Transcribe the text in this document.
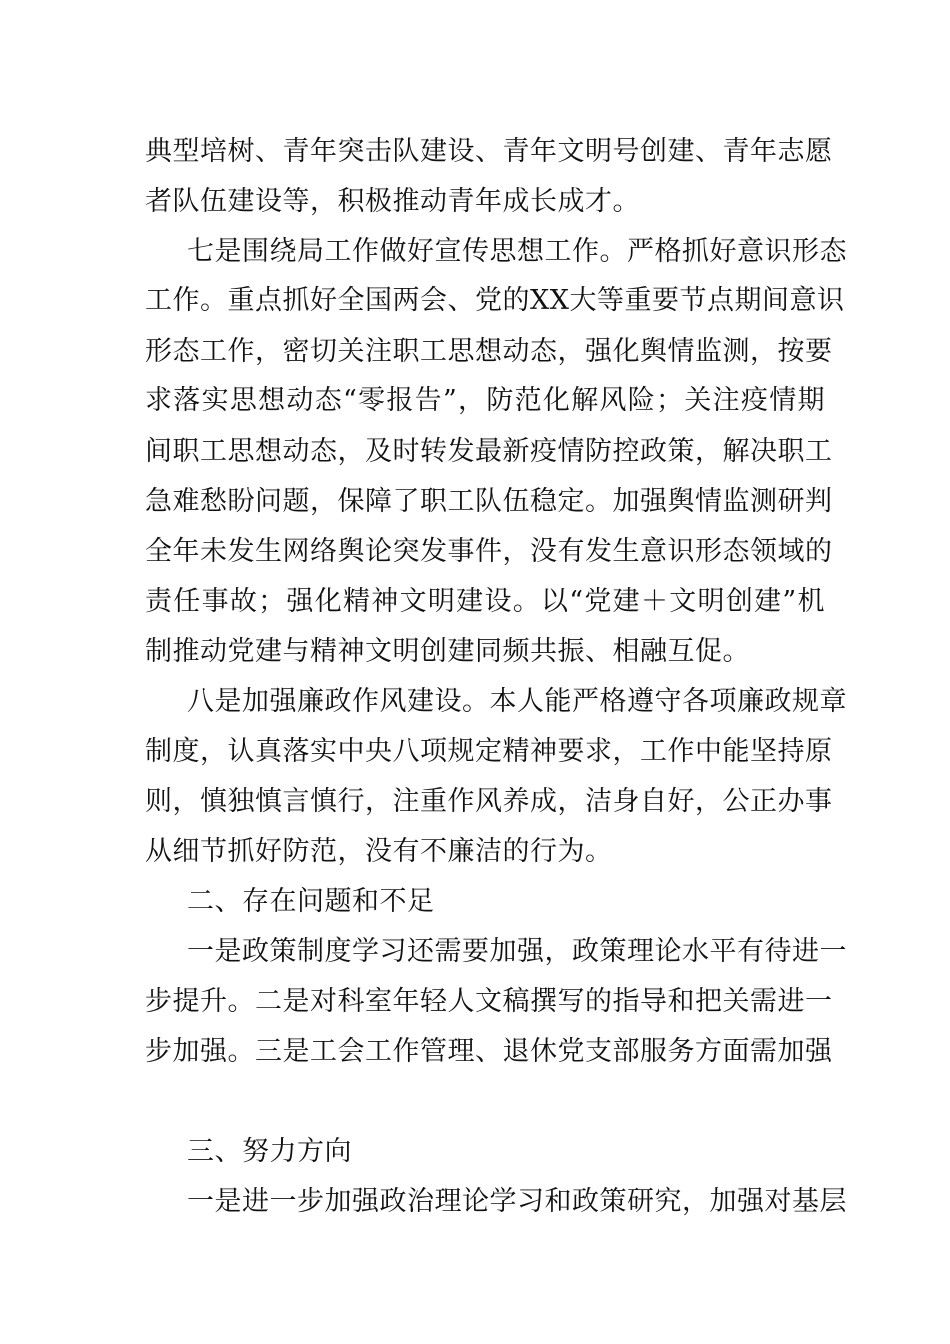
典型培树、青年突击队建设、青年文明号创建、青年志愿
者队伍建设等，积极推动青年成长成才。
七是围绕局工作做好宣传思想工作。严格抓好意识形态
工作。重点抓好全国两会、党的XX大等重要节点期间意识
形态工作，密切关注职工思想动态，强化舆情监测，按要
求落实思想动态“零报告”，防范化解风险；关注疫情期
间职工思想动态，及时转发最新疫情防控政策，解决职工
急难愁盼问题，保障了职工队伍稳定。加强舆情监测研判
全年未发生网络舆论突发事件，没有发生意识形态领域的
责任事故；强化精神文明建设。以“党建＋文明创建”机
制推动党建与精神文明创建同频共振、相融互促。
八是加强廉政作风建设。本人能严格遵守各项廉政规章
制度，认真落实中央八项规定精神要求，工作中能坚持原
则，慎独慎言慎行，注重作风养成，洁身自好，公正办事
从细节抓好防范，没有不廉洁的行为。
二、存在问题和不足
一是政策制度学习还需要加强，政策理论水平有待进一
步提升。二是对科室年轻人文稿撰写的指导和把关需进一
步加强。三是工会工作管理、退休党支部服务方面需加强
三、努力方向
一是进一步加强政治理论学习和政策研究，加强对基层
